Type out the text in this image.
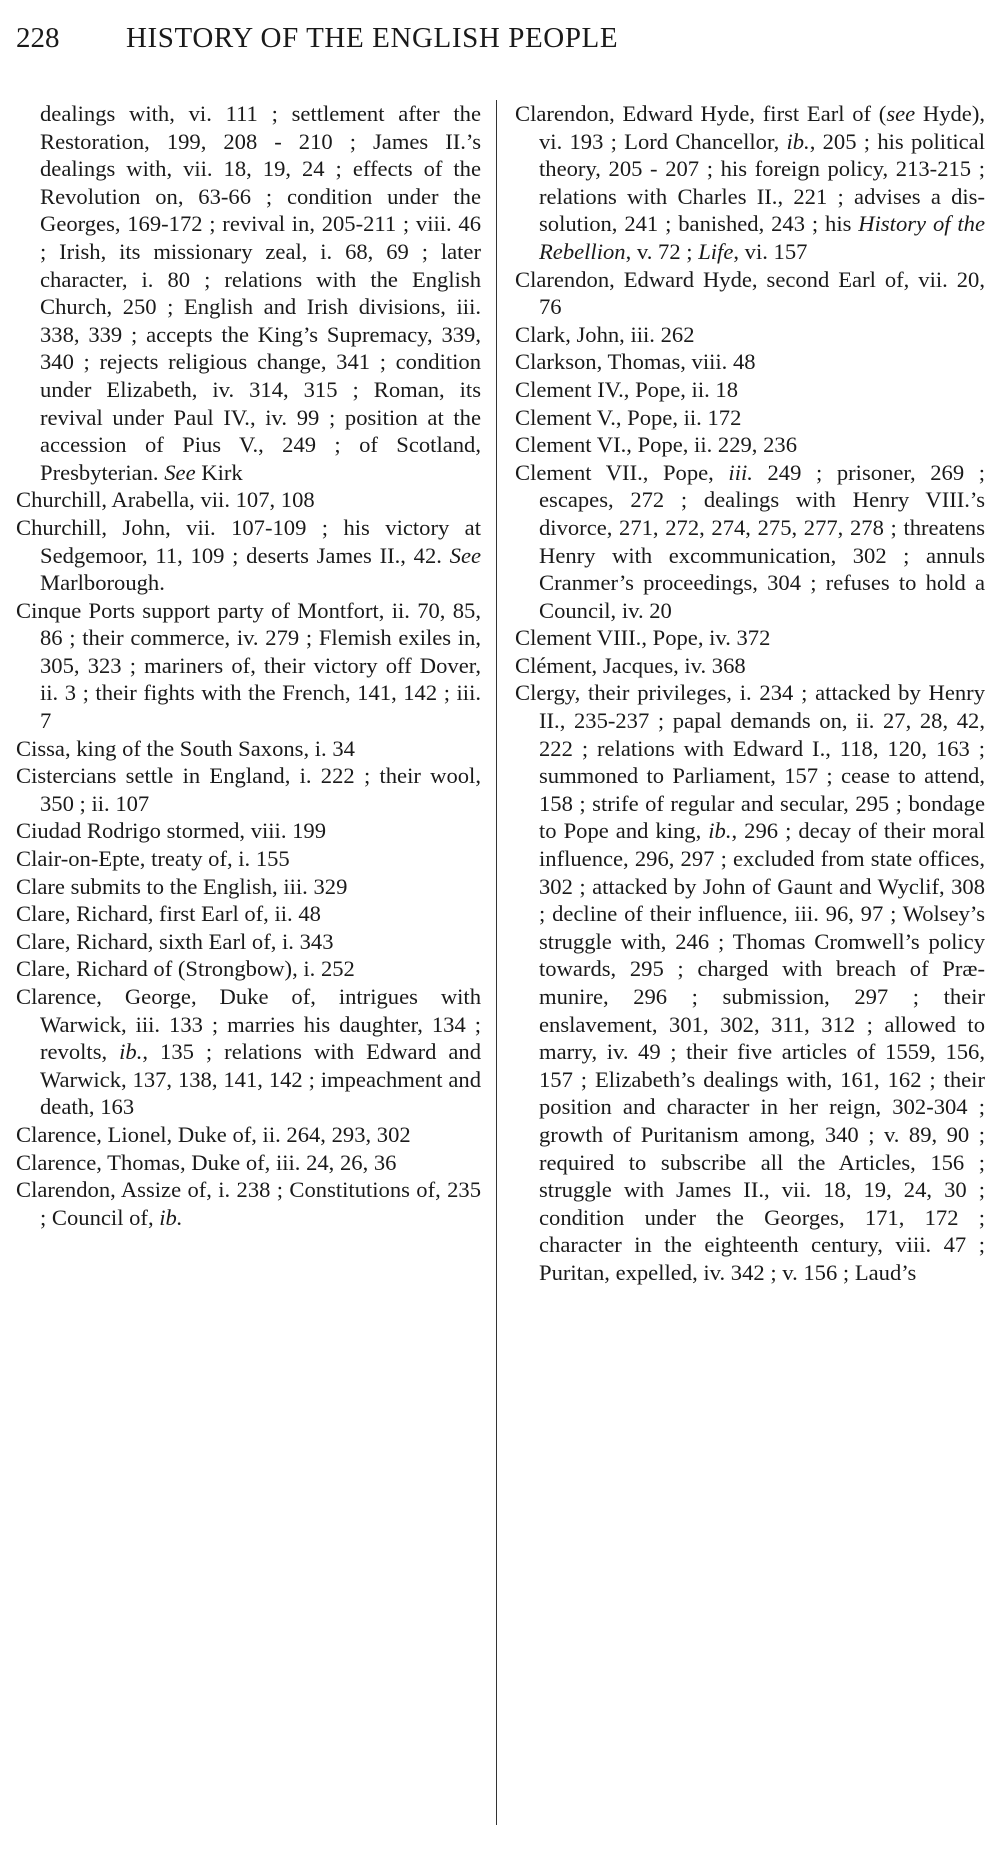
228 HISTORY OF THE ENGLISH PEOPLE

dealings with, vi. 111 ; settlement after the Restoration, 199, 208 - 210 ; James II.’s dealings with, vii. 18, 19, 24 ; effects of the Revolution on, 63-66 ; condition under the Georges, 169-172 ; revival in, 205-211 ; viii. 46 ; Irish, its missionary zeal, i. 68, 69 ; later character, i. 80 ; relations with the English Church, 250 ; English and Irish divisions, iii. 338, 339 ; accepts the King’s Supremacy, 339, 340 ; rejects religious change, 341 ; condition under Elizabeth, iv. 314, 315 ; Roman, its revival under Paul IV., iv. 99 ; position at the accession of Pius V., 249 ; of Scotland, Presbyterian. See Kirk

Churchill, Arabella, vii. 107, 108

Churchill, John, vii. 107-109 ; his victory at Sedgemoor, 11, 109 ; deserts James II., 42. See Marlborough.

Cinque Ports support party of Montfort, ii. 70, 85, 86 ; their commerce, iv. 279 ; Flemish exiles in, 305, 323 ; mariners of, their victory off Dover, ii. 3 ; their fights with the French, 141, 142 ; iii. 7

Cissa, king of the South Saxons, i. 34

Cistercians settle in England, i. 222 ; their wool, 350 ; ii. 107

Ciudad Rodrigo stormed, viii. 199

Clair-on-Epte, treaty of, i. 155

Clare submits to the English, iii. 329

Clare, Richard, first Earl of, ii. 48

Clare, Richard, sixth Earl of, i. 343

Clare, Richard of (Strongbow), i. 252

Clarence, George, Duke of, intrigues with Warwick, iii. 133 ; marries his daughter, 134 ; revolts, ib., 135 ; relations with Edward and Warwick, 137, 138, 141, 142 ; impeachment and death, 163

Clarence, Lionel, Duke of, ii. 264, 293, 302

Clarence, Thomas, Duke of, iii. 24, 26, 36

Clarendon, Assize of, i. 238 ; Constitutions of, 235 ; Council of, ib.

Clarendon, Edward Hyde, first Earl of (see Hyde), vi. 193 ; Lord Chancellor, ib., 205 ; his political theory, 205 - 207 ; his foreign policy, 213-215 ; relations with Charles II., 221 ; advises a dissolution, 241 ; banished, 243 ; his History of the Rebellion, v. 72 ; Life, vi. 157

Clarendon, Edward Hyde, second Earl of, vii. 20, 76

Clark, John, iii. 262

Clarkson, Thomas, viii. 48

Clement IV., Pope, ii. 18

Clement V., Pope, ii. 172

Clement VI., Pope, ii. 229, 236

Clement VII., Pope, iii. 249 ; prisoner, 269 ; escapes, 272 ; dealings with Henry VIII.’s divorce, 271, 272, 274, 275, 277, 278 ; threatens Henry with excommunication, 302 ; annuls Cranmer’s proceedings, 304 ; refuses to hold a Council, iv. 20

Clement VIII., Pope, iv. 372

Clément, Jacques, iv. 368

Clergy, their privileges, i. 234 ; attacked by Henry II., 235-237 ; papal demands on, ii. 27, 28, 42, 222 ; relations with Edward I., 118, 120, 163 ; summoned to Parliament, 157 ; cease to attend, 158 ; strife of regular and secular, 295 ; bondage to Pope and king, ib., 296 ; decay of their moral influence, 296, 297 ; excluded from state offices, 302 ; attacked by John of Gaunt and Wyclif, 308 ; decline of their influence, iii. 96, 97 ; Wolsey’s struggle with, 246 ; Thomas Cromwell’s policy towards, 295 ; charged with breach of Præmunire, 296 ; submission, 297 ; their enslavement, 301, 302, 311, 312 ; allowed to marry, iv. 49 ; their five articles of 1559, 156, 157 ; Elizabeth’s dealings with, 161, 162 ; their position and character in her reign, 302-304 ; growth of Puritanism among, 340 ; v. 89, 90 ; required to subscribe all the Articles, 156 ; struggle with James II., vii. 18, 19, 24, 30 ; condition under the Georges, 171, 172 ; character in the eighteenth century, viii. 47 ; Puritan, expelled, iv. 342 ; v. 156 ; Laud’s
